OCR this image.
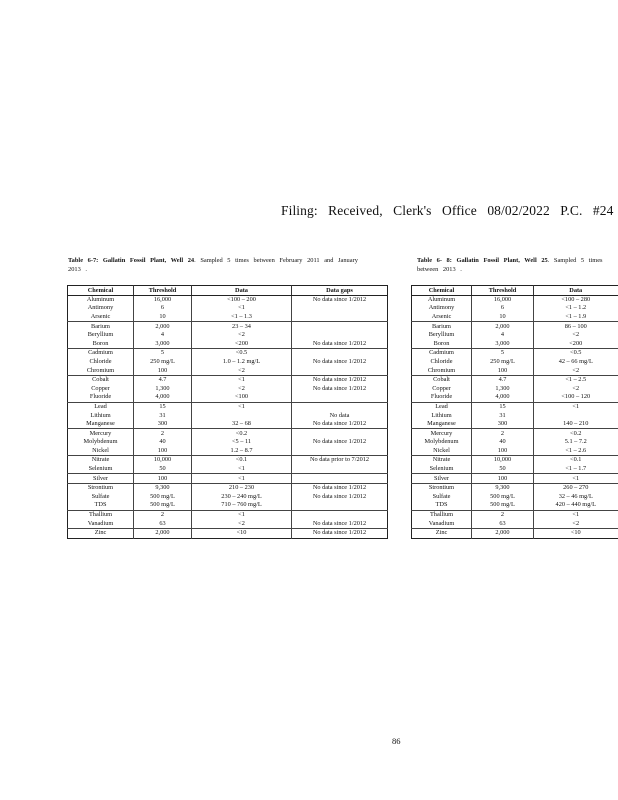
Filing: Received, Clerk's Office 08/02/2022 P.C. #24
Table 6-7: Gallatin Fossil Plant, Well 24. Sampled 5 times between February 2011 and January 2013 .
Table 6- 8: Gallatin Fossil Plant, Well 25. Sampled 5 times between 2013 .
Chemical	Threshold	Data	Data gaps
Aluminum	16,000	<100 – 200	No data since 1/2012
Antimony	6	<1	
Arsenic	10	<1 – 1.3	
Barium	2,000	23 – 34	
Beryllium	4	<2	
Boron	3,000	<200	No data since 1/2012
Cadmium	5	<0.5	
Chloride	250 mg/L	1.0 – 1.2 mg/L	No data since 1/2012
Chromium	100	<2	
Cobalt	4.7	<1	No data since 1/2012
Copper	1,300	<2	No data since 1/2012
Fluoride	4,000	<100	
Lead	15	<1	
Lithium	31		No data
Manganese	300	32 – 68	No data since 1/2012
Mercury	2	<0.2	
Molybdenum	40	<5 – 11	No data since 1/2012
Nickel	100	1.2 – 8.7	
Nitrate	10,000	<0.1	No data prior to 7/2012
Selenium	50	<1	
Silver	100	<1	
Strontium	9,300	210 – 230	No data since 1/2012
Sulfate	500 mg/L	230 – 240 mg/L	No data since 1/2012
TDS	500 mg/L	710 – 760 mg/L	
Thallium	2	<1	
Vanadium	63	<2	No data since 1/2012
Zinc	2,000	<10	No data since 1/2012
Chemical	Threshold	Data
Aluminum	16,000	<100 – 280
Antimony	6	<1 – 1.2
Arsenic	10	<1 – 1.9
Barium	2,000	86 – 100
Beryllium	4	<2
Boron	3,000	<200
Cadmium	5	<0.5
Chloride	250 mg/L	42 – 66 mg/L
Chromium	100	<2
Cobalt	4.7	<1 – 2.5
Copper	1,300	<2
Fluoride	4,000	<100 – 120
Lead	15	<1
Lithium	31	
Manganese	300	140 – 210
Mercury	2	<0.2
Molybdenum	40	5.1 – 7.2
Nickel	100	<1 – 2.6
Nitrate	10,000	<0.1
Selenium	50	<1 – 1.7
Silver	100	<1
Strontium	9,300	260 – 270
Sulfate	500 mg/L	32 – 46 mg/L
TDS	500 mg/L	420 – 440 mg/L
Thallium	2	<1
Vanadium	63	<2
Zinc	2,000	<10
86
